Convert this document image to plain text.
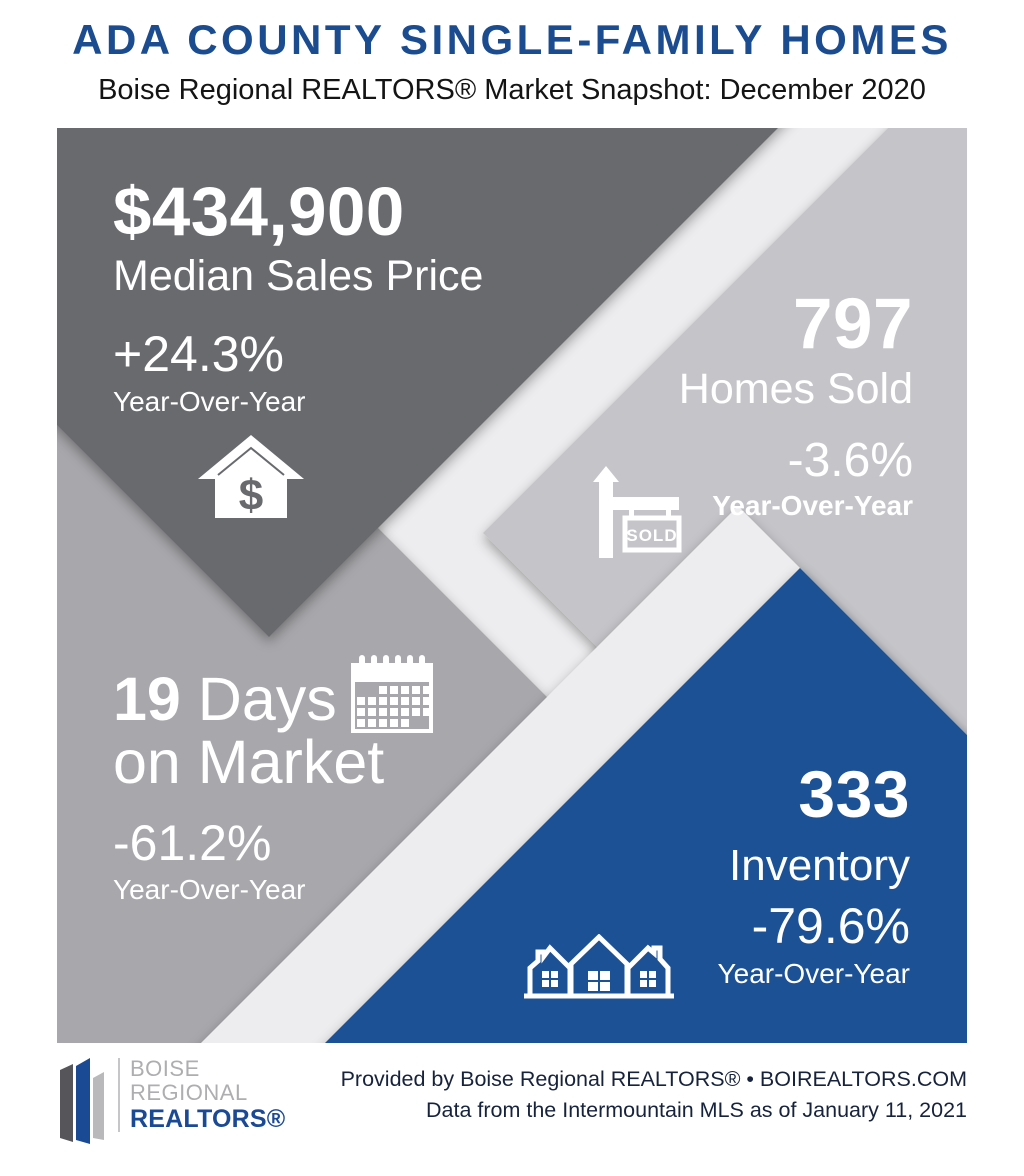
ADA COUNTY SINGLE-FAMILY HOMES
Boise Regional REALTORS® Market Snapshot: December 2020
$434,900
Median Sales Price
+24.3%
Year-Over-Year
797
Homes Sold
-3.6%
Year-Over-Year
19 Days
on Market
-61.2%
Year-Over-Year
333
Inventory
-79.6%
Year-Over-Year
$
SOLD
BOISE
REGIONAL
REALTORS®
Provided by Boise Regional REALTORS® • BOIREALTORS.COM
Data from the Intermountain MLS as of January 11, 2021
